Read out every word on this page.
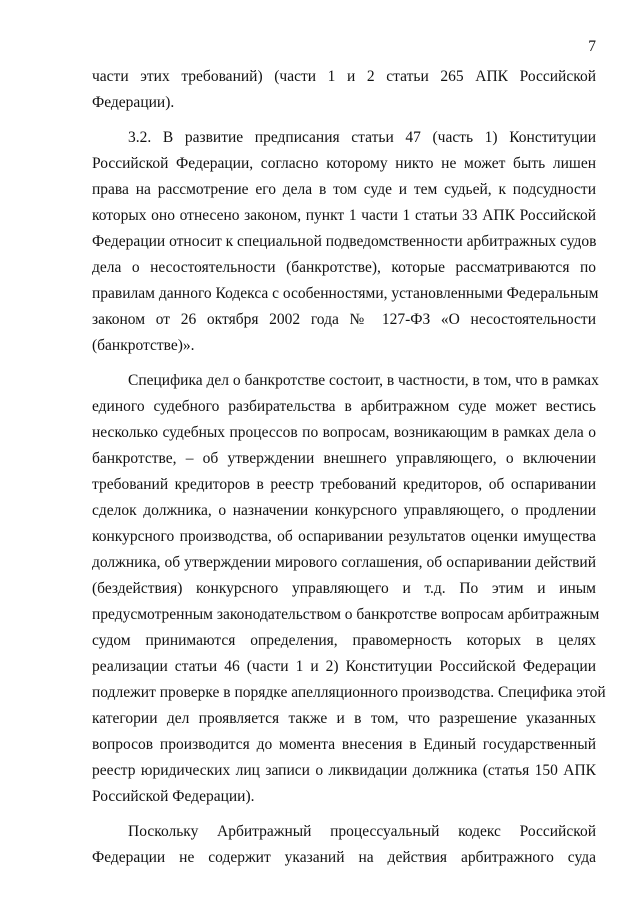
7
части этих требований) (части 1 и 2 статьи 265 АПК Российской
Федерации).
3.2. В развитие предписания статьи 47 (часть 1) Конституции
Российской Федерации, согласно которому никто не может быть лишен
права на рассмотрение его дела в том суде и тем судьей, к подсудности
которых оно отнесено законом, пункт 1 части 1 статьи 33 АПК Российской
Федерации относит к специальной подведомственности арбитражных судов
дела о несостоятельности (банкротстве), которые рассматриваются по
правилам данного Кодекса с особенностями, установленными Федеральным
законом от 26 октября 2002 года № 127-ФЗ «О несостоятельности
(банкротстве)».
Специфика дел о банкротстве состоит, в частности, в том, что в рамках
единого судебного разбирательства в арбитражном суде может вестись
несколько судебных процессов по вопросам, возникающим в рамках дела о
банкротстве, – об утверждении внешнего управляющего, о включении
требований кредиторов в реестр требований кредиторов, об оспаривании
сделок должника, о назначении конкурсного управляющего, о продлении
конкурсного производства, об оспаривании результатов оценки имущества
должника, об утверждении мирового соглашения, об оспаривании действий
(бездействия) конкурсного управляющего и т.д. По этим и иным
предусмотренным законодательством о банкротстве вопросам арбитражным
судом принимаются определения, правомерность которых в целях
реализации статьи 46 (части 1 и 2) Конституции Российской Федерации
подлежит проверке в порядке апелляционного производства. Специфика этой
категории дел проявляется также и в том, что разрешение указанных
вопросов производится до момента внесения в Единый государственный
реестр юридических лиц записи о ликвидации должника (статья 150 АПК
Российской Федерации).
Поскольку Арбитражный процессуальный кодекс Российской
Федерации не содержит указаний на действия арбитражного суда
